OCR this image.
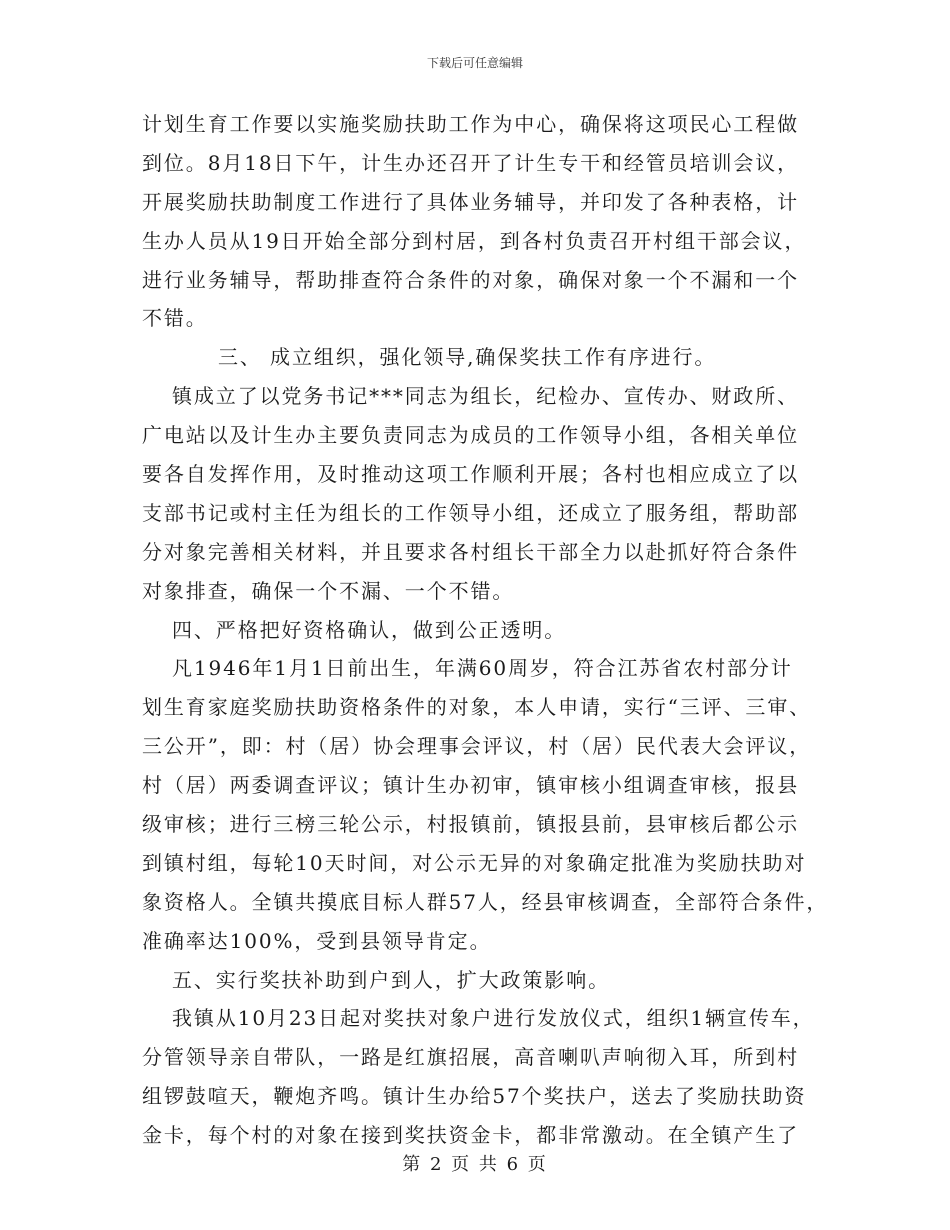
下载后可任意编辑
计划生育工作要以实施奖励扶助工作为中心，确保将这项民心工程做
到位。8月18日下午，计生办还召开了计生专干和经管员培训会议，
开展奖励扶助制度工作进行了具体业务辅导，并印发了各种表格，计
生办人员从19日开始全部分到村居，到各村负责召开村组干部会议，
进行业务辅导，帮助排查符合条件的对象，确保对象一个不漏和一个
不错。
三、 成立组织，强化领导,确保奖扶工作有序进行。
镇成立了以党务书记***同志为组长，纪检办、宣传办、财政所、
广电站以及计生办主要负责同志为成员的工作领导小组，各相关单位
要各自发挥作用，及时推动这项工作顺利开展；各村也相应成立了以
支部书记或村主任为组长的工作领导小组，还成立了服务组，帮助部
分对象完善相关材料，并且要求各村组长干部全力以赴抓好符合条件
对象排查，确保一个不漏、一个不错。
四、严格把好资格确认，做到公正透明。
凡1946年1月1日前出生，年满60周岁，符合江苏省农村部分计
划生育家庭奖励扶助资格条件的对象，本人申请，实行“三评、三审、
三公开”，即：村（居）协会理事会评议，村（居）民代表大会评议，
村（居）两委调查评议；镇计生办初审，镇审核小组调查审核，报县
级审核；进行三榜三轮公示，村报镇前，镇报县前，县审核后都公示
到镇村组，每轮10天时间，对公示无异的对象确定批准为奖励扶助对
象资格人。全镇共摸底目标人群57人，经县审核调查，全部符合条件，
准确率达100%，受到县领导肯定。
五、实行奖扶补助到户到人，扩大政策影响。
我镇从10月23日起对奖扶对象户进行发放仪式，组织1辆宣传车，
分管领导亲自带队，一路是红旗招展，高音喇叭声响彻入耳，所到村
组锣鼓喧天，鞭炮齐鸣。镇计生办给57个奖扶户，送去了奖励扶助资
金卡，每个村的对象在接到奖扶资金卡，都非常激动。在全镇产生了
第 2 页 共 6 页
